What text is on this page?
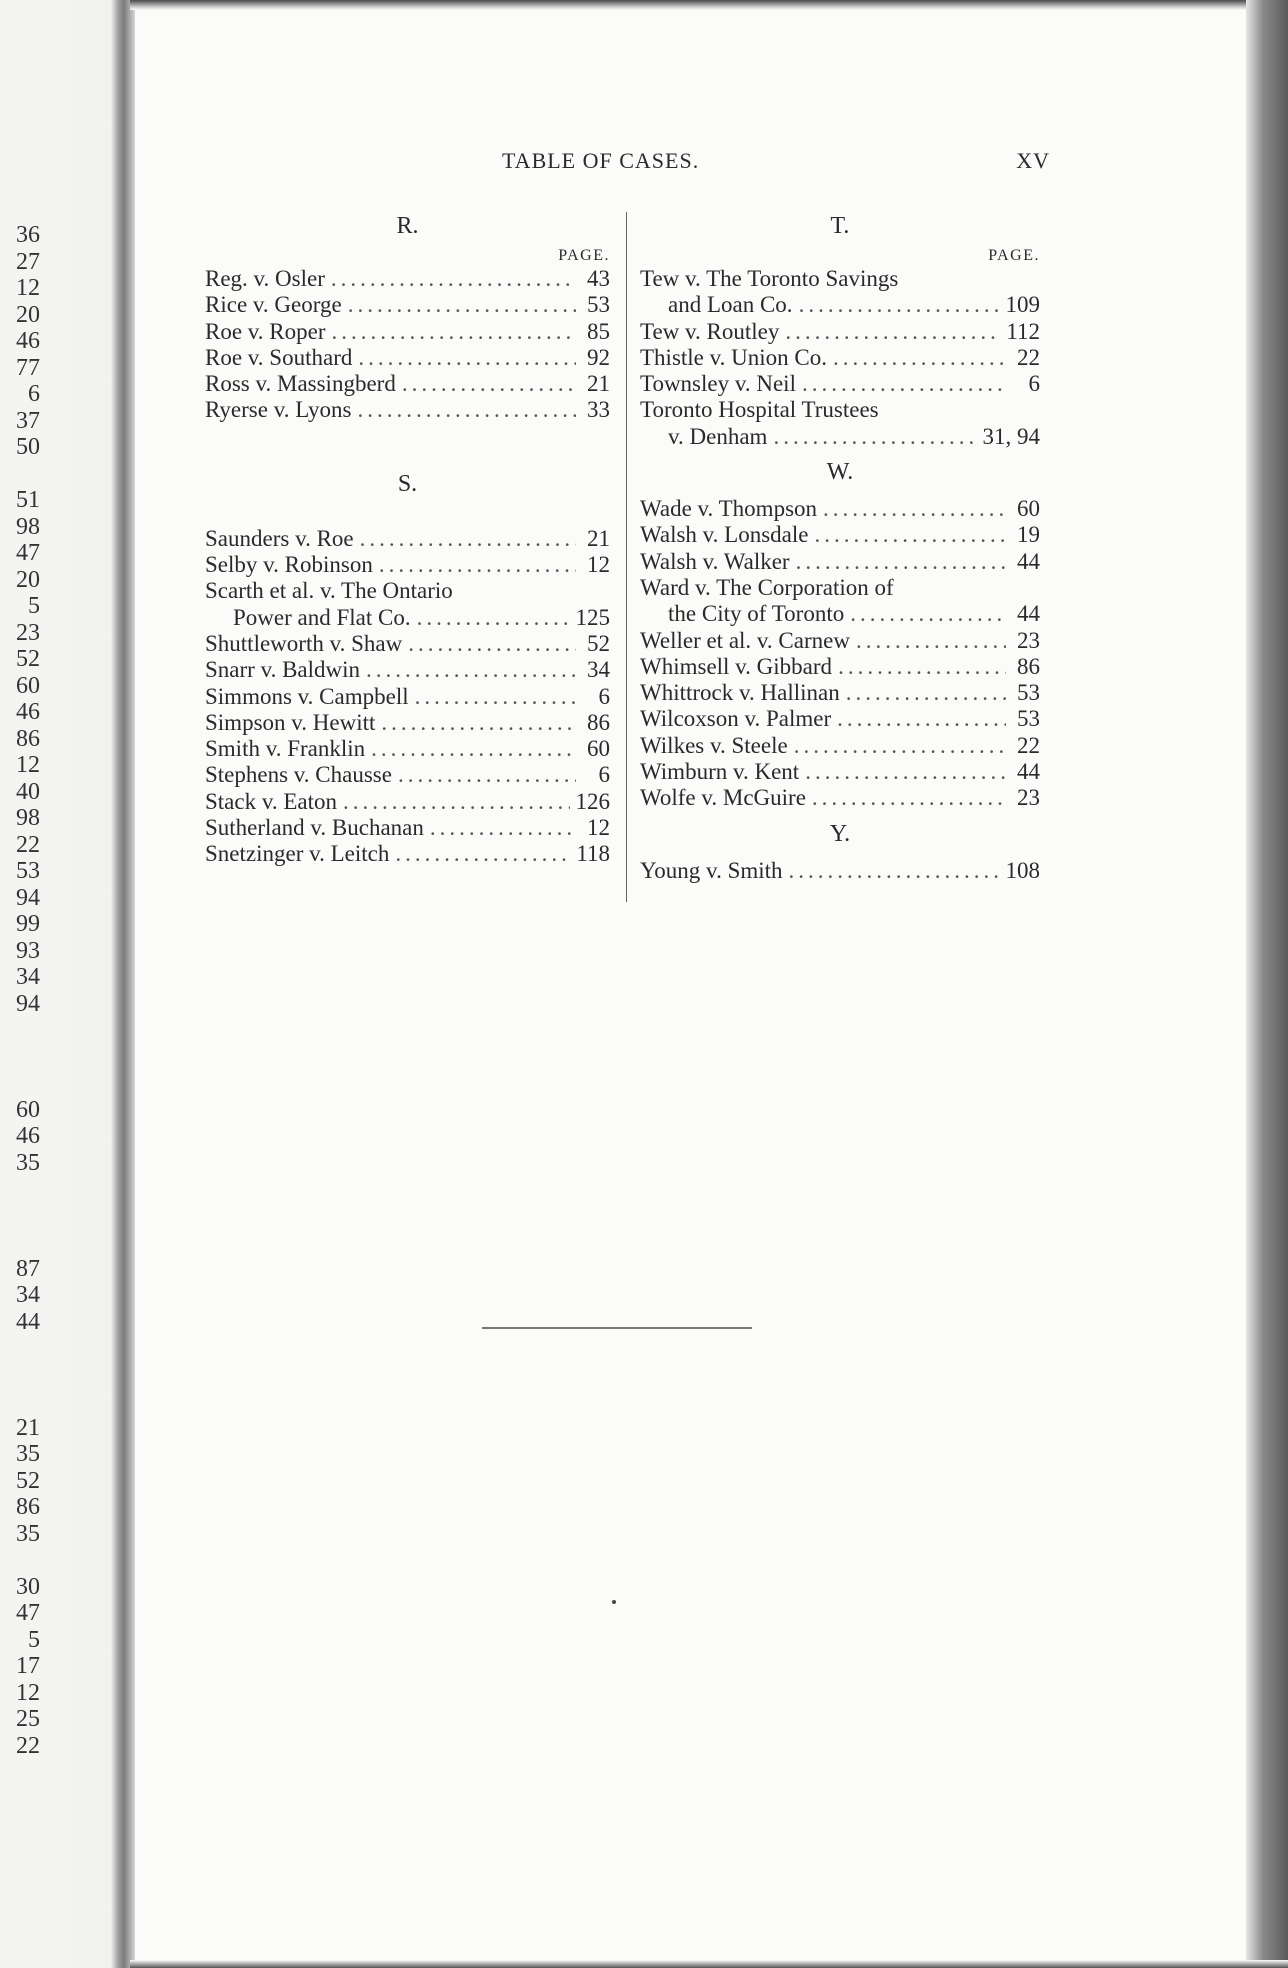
36
27
12
20
46
77
6
37
50
51
98
47
20
5
23
52
60
46
86
12
40
98
22
53
94
99
93
34
94
60
46
35
87
34
44
21
35
52
86
35
30
47
5
17
12
25
22
TABLE OF CASES.	XV
R.
PAGE.
Reg. v. Osler .....	43
Rice v. George .....	53
Roe v. Roper .....	85
Roe v. Southard .....	92
Ross v. Massingberd .....	21
Ryerse v. Lyons .....	33
S.
Saunders v. Roe .....	21
Selby v. Robinson .....	12
Scarth et al. v. The Ontario
Power and Flat Co. .....	125
Shuttleworth v. Shaw .....	52
Snarr v. Baldwin .....	34
Simmons v. Campbell .....	6
Simpson v. Hewitt .....	86
Smith v. Franklin .....	60
Stephens v. Chausse .....	6
Stack v. Eaton .....	126
Sutherland v. Buchanan .....	12
Snetzinger v. Leitch .....	118
T.
PAGE.
Tew v. The Toronto Savings
and Loan Co. .....	109
Tew v. Routley .....	112
Thistle v. Union Co. .....	22
Townsley v. Neil .....	6
Toronto Hospital Trustees
v. Denham .....	31, 94
W.
Wade v. Thompson .....	60
Walsh v. Lonsdale .....	19
Walsh v. Walker .....	44
Ward v. The Corporation of
the City of Toronto .....	44
Weller et al. v. Carnew .....	23
Whimsell v. Gibbard .....	86
Whittrock v. Hallinan .....	53
Wilcoxson v. Palmer .....	53
Wilkes v. Steele .....	22
Wimburn v. Kent .....	44
Wolfe v. McGuire .....	23
Y.
Young v. Smith .....	108
